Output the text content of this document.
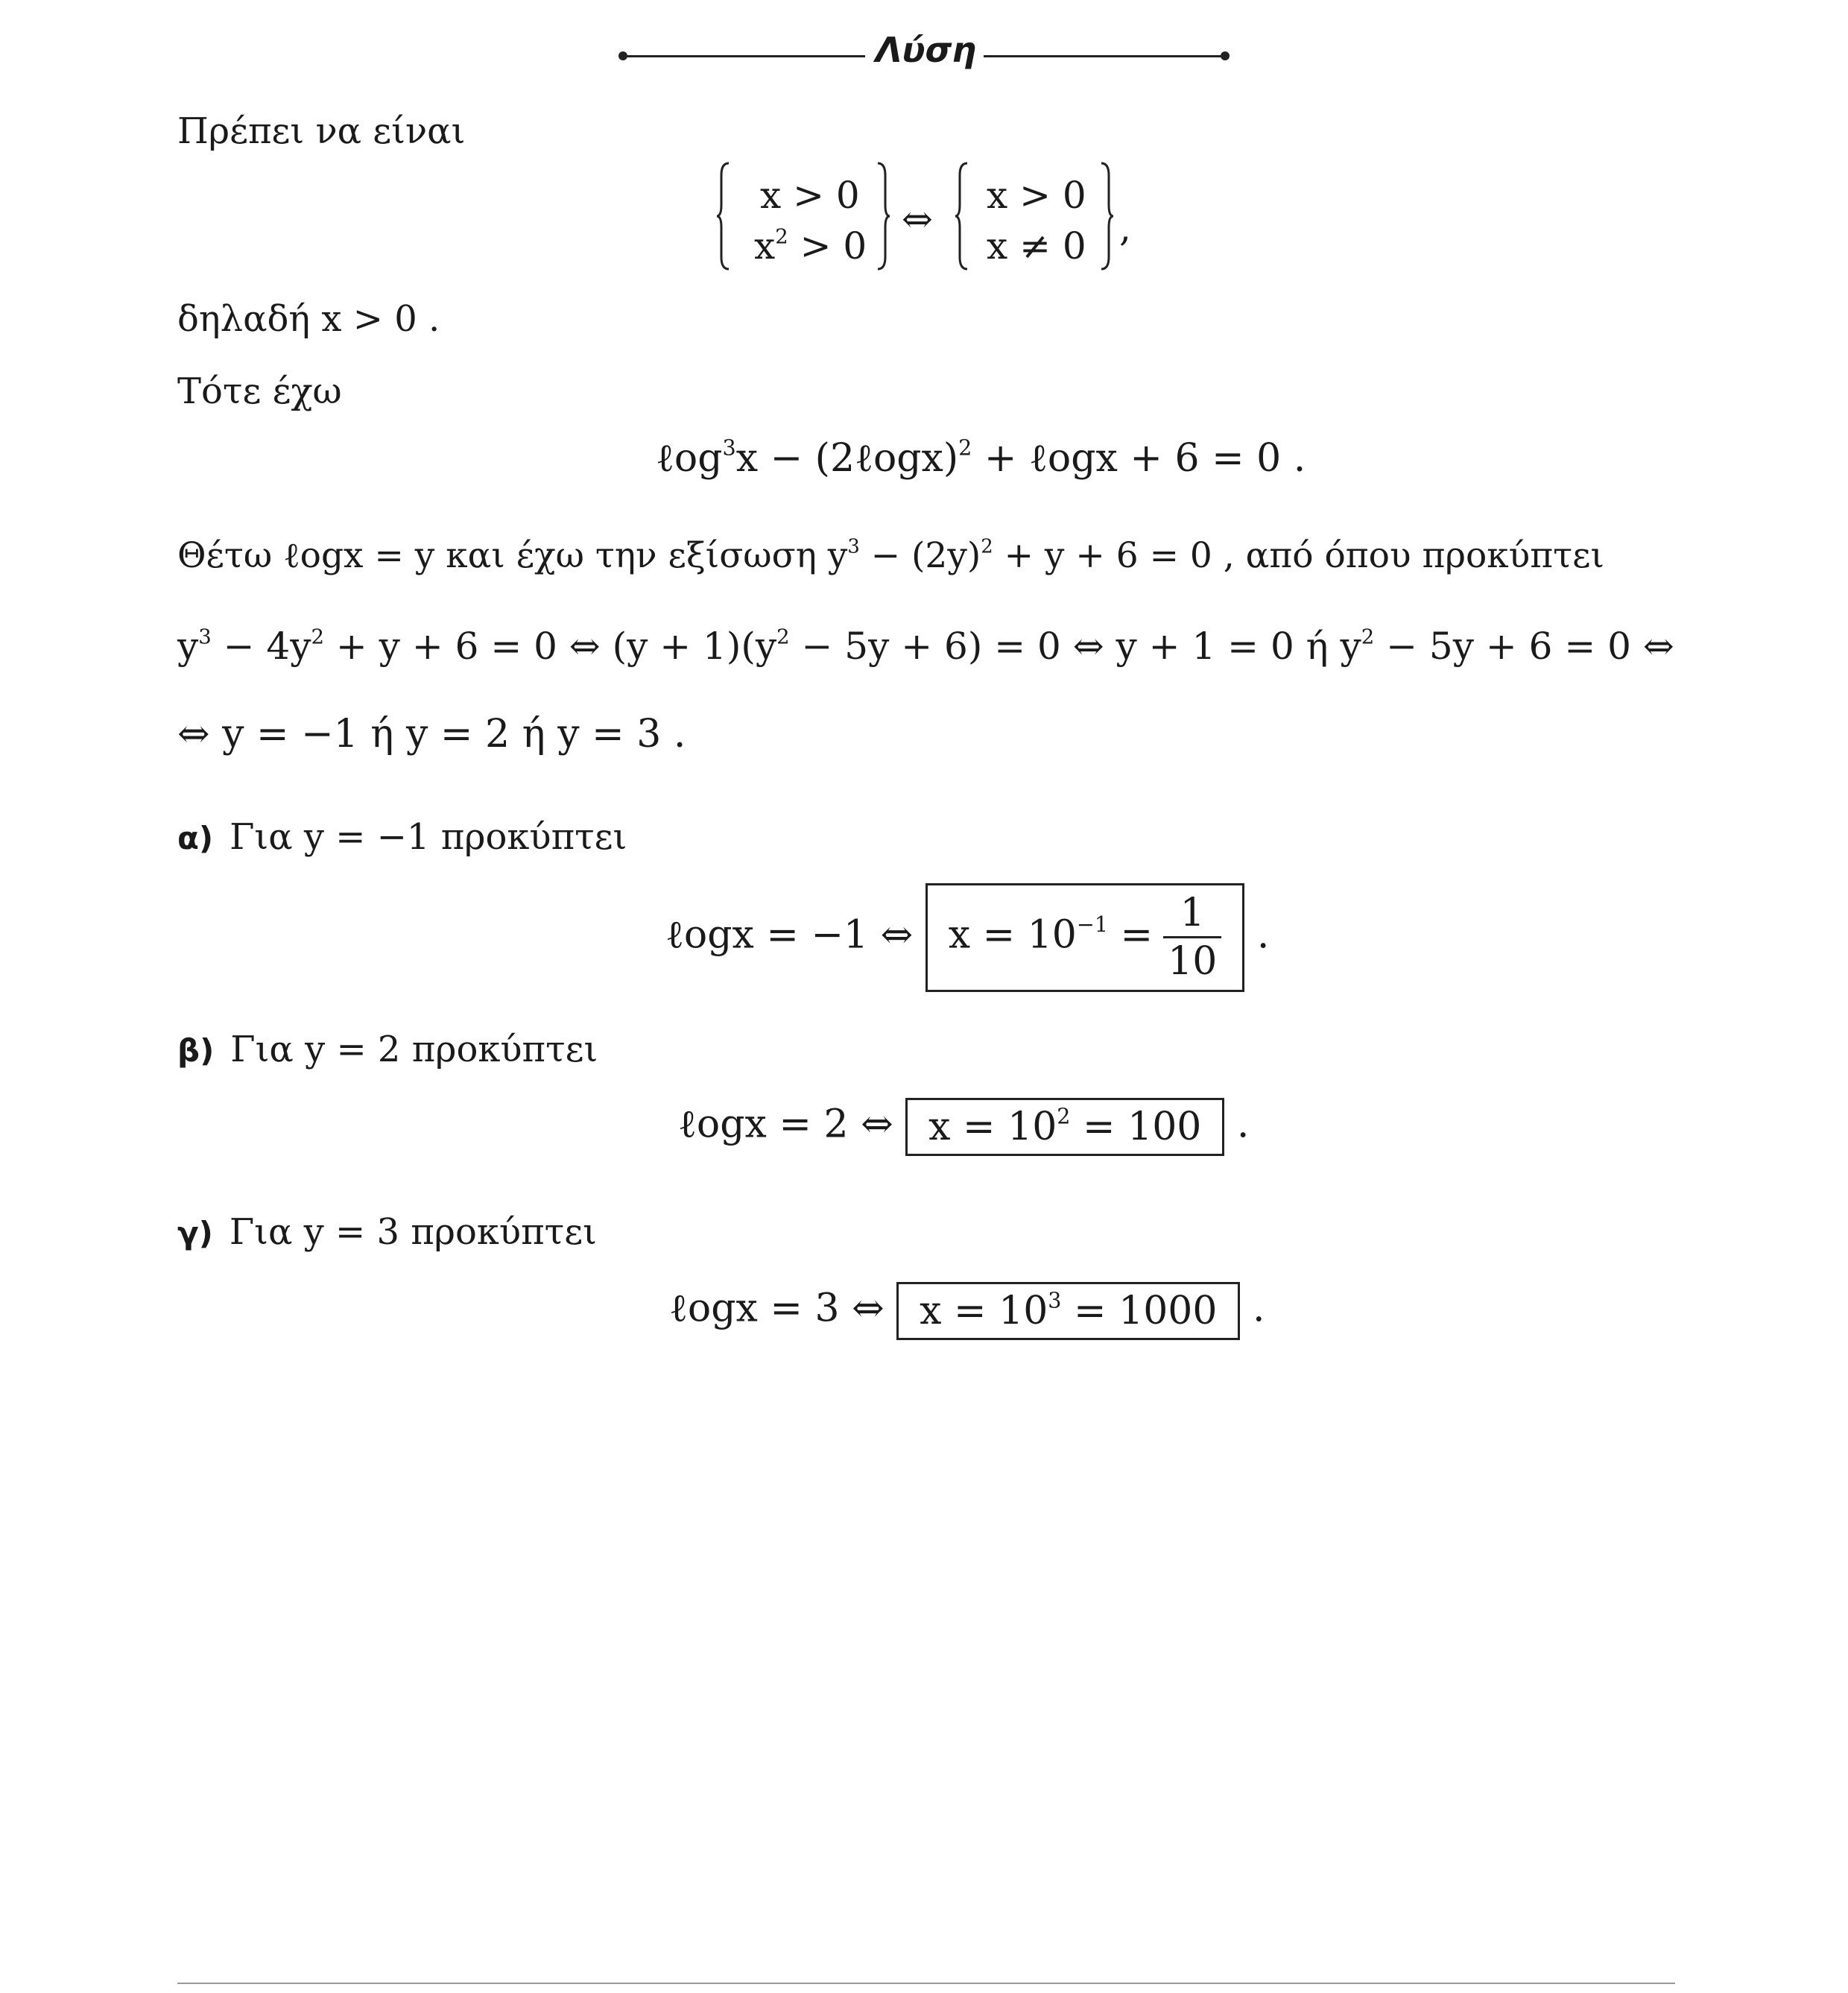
Λύση
Πρέπει να είναι
x > 0
$x^2 > 0$
⇔
x > 0
x ≠ 0 ,
δηλαδή x > 0 .
Τότε έχω
ℓog$^3$x − (2ℓogx)$^2$ + ℓogx + 6 = 0 .
Θέτω ℓogx = y και έχω την εξίσωση $y^3 - (2y)^2 + y + 6 = 0$ , από όπου προκύπτει
$y^3 - 4y^2 + y + 6 = 0$ ⇔ $(y + 1)(y^2 - 5y + 6) = 0$ ⇔ y + 1 = 0 ή $y^2 - 5y + 6 = 0$ ⇔
⇔ y = −1 ή y = 2 ή y = 3 .
α) Για y = −1 προκύπτει
ℓogx = −1 ⇔ $x = 10^{-1} = \frac{1}{10}$ .
β) Για y = 2 προκύπτει
ℓogx = 2 ⇔ $x = 10^2 = 100$ .
γ) Για y = 3 προκύπτει
ℓogx = 3 ⇔ $x = 10^3 = 1000$ .
